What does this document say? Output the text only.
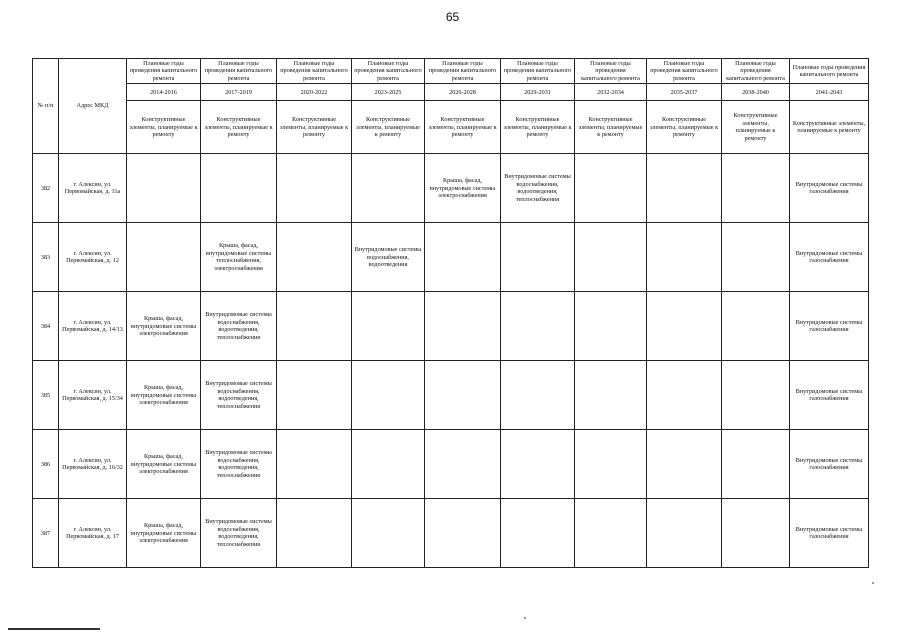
65
№ п/п	Адрес МКД	Плановые годы проведения капитального ремонта	Плановые годы проведения капитального ремонта	Плановые годы проведения капитального ремонта	Плановые годы проведения капитального ремонта	Плановые годы проведения капитального ремонта	Плановые годы проведения капитального ремонта	Плановые годы проведения капитального ремонта	Плановые годы проведения капитального ремонта	Плановые годы проведения капитального ремонта	Плановые годы проведения капитального ремонта
		2014-2016	2017-2019	2020-2022	2023-2025	2026-2028	2029-2031	2032-2034	2035-2037	2038-2040	2041-2043
		Конструктивные элементы, планируемые к ремонту	Конструктивные элементы, планируемые к ремонту	Конструктивные элементы, планируемые к ремонту	Конструктивные элементы, планируемые к ремонту	Конструктивные элементы, планируемые к ремонту	Конструктивные элементы, планируемые к ремонту	Конструктивные элементы, планируемые к ремонту	Конструктивные элементы, планируемые к ремонту	Конструктивные элементы, планируемые к ремонту	Конструктивные элементы, планируемые к ремонту
382	г. Алексин, ул. Первомайская, д. 11а					Крыша, фасад, внутридомовые системы электроснабжения	Внутридомовые системы водоснабжения, водоотведения, теплоснабжения				Внутридомовые системы газоснабжения
383	г. Алексин, ул. Первомайская, д. 12		Крыша, фасад, внутридомовые системы теплоснабжения, электроснабжения		Внутридомовые системы водоснабжения, водоотведения						Внутридомовые системы газоснабжения
384	г. Алексин, ул. Первомайская, д. 14/13	Крыша, фасад, внутридомовые системы электроснабжения	Внутридомовые системы водоснабжения, водоотведения, теплоснабжения								Внутридомовые системы газоснабжения
385	г. Алексин, ул. Первомайская, д. 15/34	Крыша, фасад, внутридомовые системы электроснабжения	Внутридомовые системы водоснабжения, водоотведения, теплоснабжения								Внутридомовые системы газоснабжения
386	г. Алексин, ул. Первомайская, д. 16/32	Крыша, фасад, внутридомовые системы электроснабжения	Внутридомовые системы водоснабжения, водоотведения, теплоснабжения								Внутридомовые системы газоснабжения
387	г. Алексин, ул. Первомайская, д. 17	Крыша, фасад, внутридомовые системы электроснабжения	Внутридомовые системы водоснабжения, водоотведения, теплоснабжения								Внутридомовые системы газоснабжения
